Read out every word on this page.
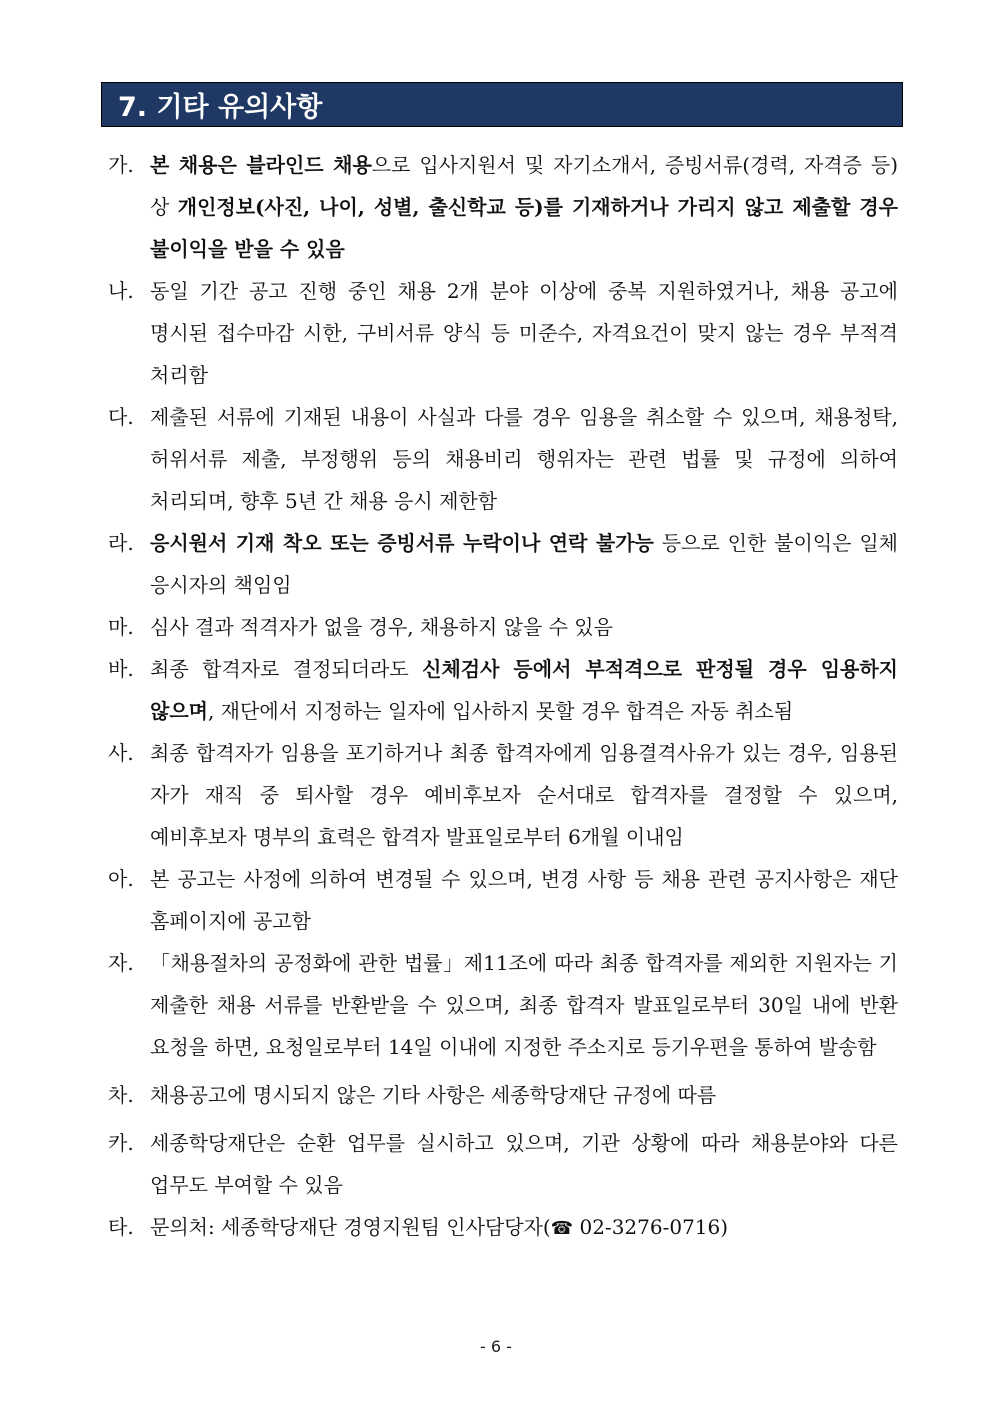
7. 기타 유의사항
가. 본 채용은 블라인드 채용으로 입사지원서 및 자기소개서, 증빙서류(경력, 자격증 등) 상 개인정보(사진, 나이, 성별, 출신학교 등)를 기재하거나 가리지 않고 제출할 경우 불이익을 받을 수 있음
나. 동일 기간 공고 진행 중인 채용 2개 분야 이상에 중복 지원하였거나, 채용 공고에 명시된 접수마감 시한, 구비서류 양식 등 미준수, 자격요건이 맞지 않는 경우 부적격 처리함
다. 제출된 서류에 기재된 내용이 사실과 다를 경우 임용을 취소할 수 있으며, 채용청탁, 허위서류 제출, 부정행위 등의 채용비리 행위자는 관련 법률 및 규정에 의하여 처리되며, 향후 5년 간 채용 응시 제한함
라. 응시원서 기재 착오 또는 증빙서류 누락이나 연락 불가능 등으로 인한 불이익은 일체 응시자의 책임임
마. 심사 결과 적격자가 없을 경우, 채용하지 않을 수 있음
바. 최종 합격자로 결정되더라도 신체검사 등에서 부적격으로 판정될 경우 임용하지 않으며, 재단에서 지정하는 일자에 입사하지 못할 경우 합격은 자동 취소됨
사. 최종 합격자가 임용을 포기하거나 최종 합격자에게 임용결격사유가 있는 경우, 임용된 자가 재직 중 퇴사할 경우 예비후보자 순서대로 합격자를 결정할 수 있으며, 예비후보자 명부의 효력은 합격자 발표일로부터 6개월 이내임
아. 본 공고는 사정에 의하여 변경될 수 있으며, 변경 사항 등 채용 관련 공지사항은 재단 홈페이지에 공고함
자. 「채용절차의 공정화에 관한 법률」제11조에 따라 최종 합격자를 제외한 지원자는 기 제출한 채용 서류를 반환받을 수 있으며, 최종 합격자 발표일로부터 30일 내에 반환 요청을 하면, 요청일로부터 14일 이내에 지정한 주소지로 등기우편을 통하여 발송함
차. 채용공고에 명시되지 않은 기타 사항은 세종학당재단 규정에 따름
카. 세종학당재단은 순환 업무를 실시하고 있으며, 기관 상황에 따라 채용분야와 다른 업무도 부여할 수 있음
타. 문의처: 세종학당재단 경영지원팀 인사담당자(☎ 02-3276-0716)
- 6 -
